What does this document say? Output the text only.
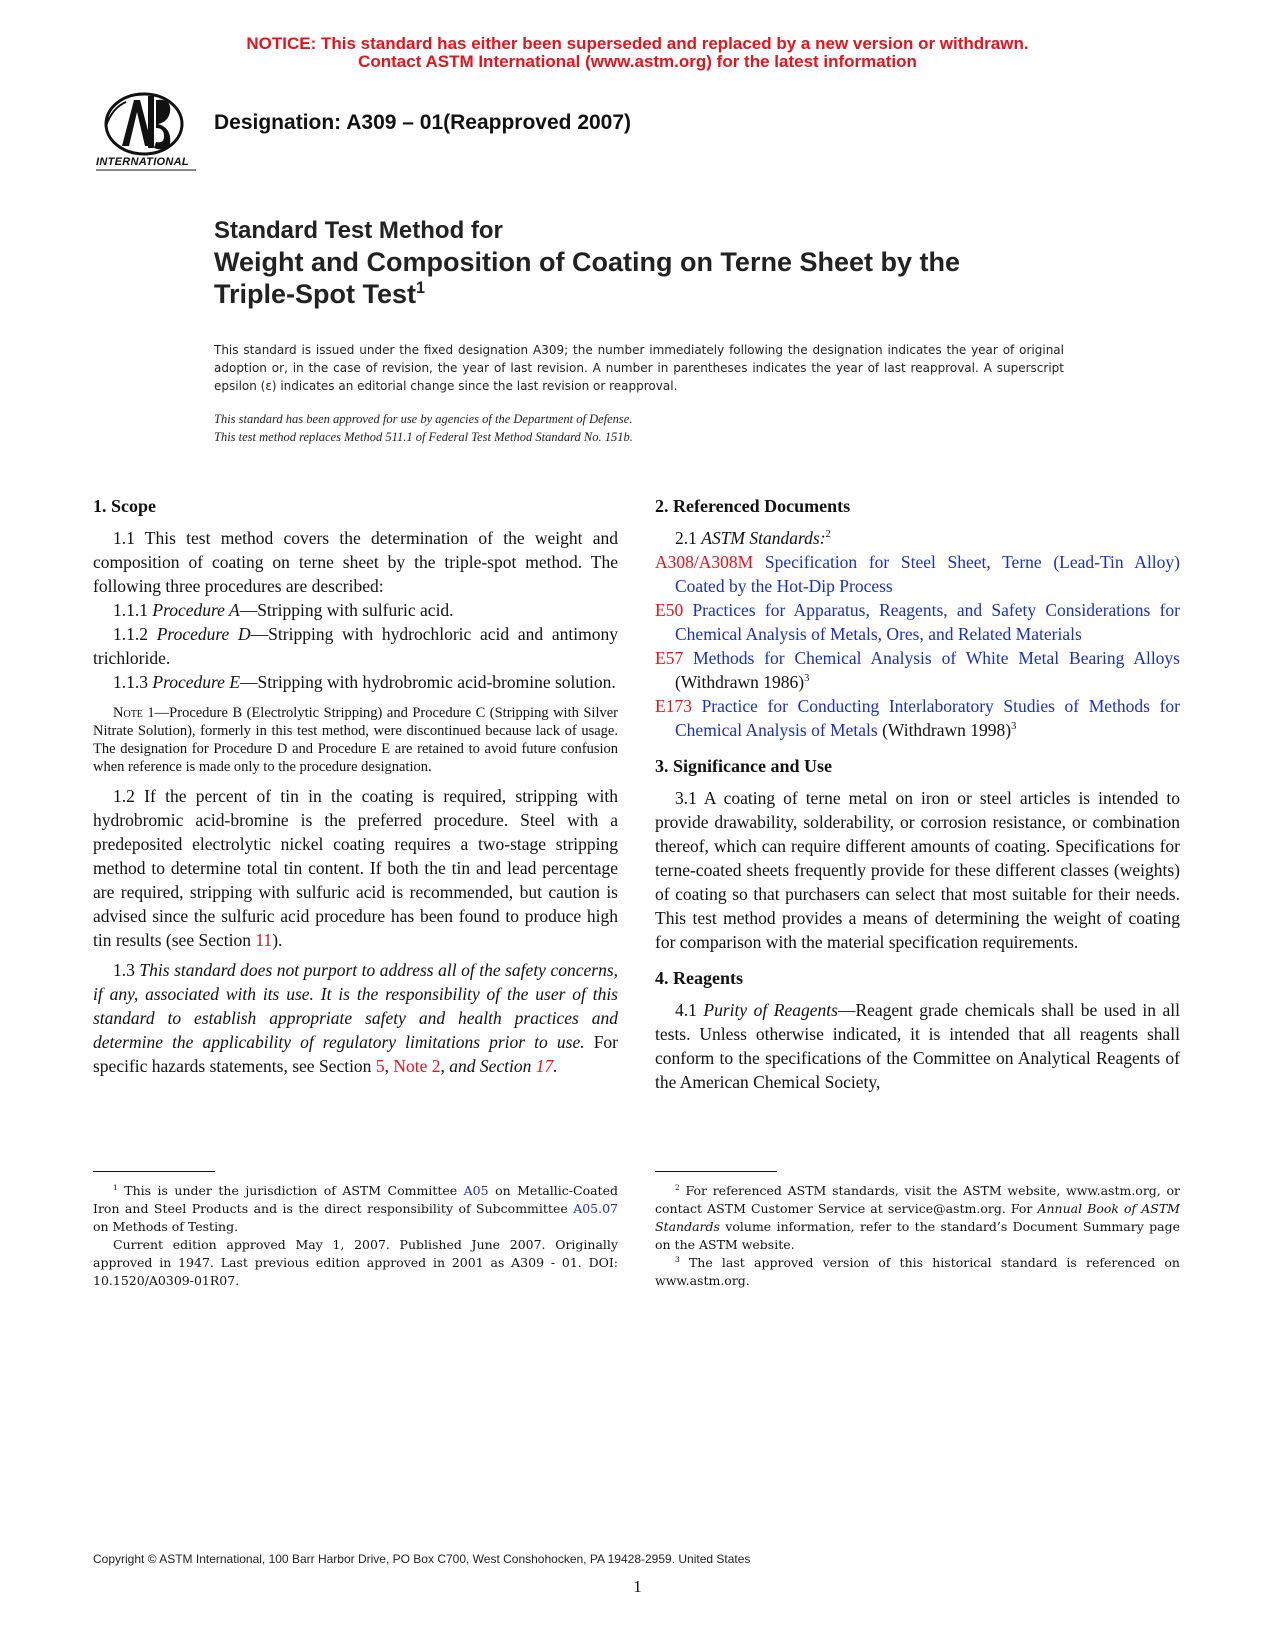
NOTICE: This standard has either been superseded and replaced by a new version or withdrawn.
Contact ASTM International (www.astm.org) for the latest information
INTERNATIONAL
Designation: A309 – 01(Reapproved 2007)
Standard Test Method for
Weight and Composition of Coating on Terne Sheet by the
Triple-Spot Test$^1$
This standard is issued under the fixed designation A309; the number immediately following the designation indicates the year of original adoption or, in the case of revision, the year of last revision. A number in parentheses indicates the year of last reapproval. A superscript epsilon (ε) indicates an editorial change since the last revision or reapproval.
This standard has been approved for use by agencies of the Department of Defense.
This test method replaces Method 511.1 of Federal Test Method Standard No. 151b.
1. Scope

1.1 This test method covers the determination of the weight and composition of coating on terne sheet by the triple-spot method. The following three procedures are described:

1.1.1 Procedure A—Stripping with sulfuric acid.

1.1.2 Procedure D—Stripping with hydrochloric acid and antimony trichloride.

1.1.3 Procedure E—Stripping with hydrobromic acid-bromine solution.

Note 1—Procedure B (Electrolytic Stripping) and Procedure C (Stripping with Silver Nitrate Solution), formerly in this test method, were discontinued because lack of usage. The designation for Procedure D and Procedure E are retained to avoid future confusion when reference is made only to the procedure designation.

1.2 If the percent of tin in the coating is required, stripping with hydrobromic acid-bromine is the preferred procedure. Steel with a predeposited electrolytic nickel coating requires a two-stage stripping method to determine total tin content. If both the tin and lead percentage are required, stripping with sulfuric acid is recommended, but caution is advised since the sulfuric acid procedure has been found to produce high tin results (see Section 11).

1.3 This standard does not purport to address all of the safety concerns, if any, associated with its use. It is the responsibility of the user of this standard to establish appropriate safety and health practices and determine the applicability of regulatory limitations prior to use. For specific hazards statements, see Section 5, Note 2, and Section 17.

$^1$ This is under the jurisdiction of ASTM Committee A05 on Metallic-Coated Iron and Steel Products and is the direct responsibility of Subcommittee A05.07 on Methods of Testing.

Current edition approved May 1, 2007. Published June 2007. Originally approved in 1947. Last previous edition approved in 2001 as A309 - 01. DOI: 10.1520/A0309-01R07.

2. Referenced Documents

2.1 ASTM Standards:$^2$

A308/A308M Specification for Steel Sheet, Terne (Lead-Tin Alloy) Coated by the Hot-Dip Process

E50 Practices for Apparatus, Reagents, and Safety Considerations for Chemical Analysis of Metals, Ores, and Related Materials

E57 Methods for Chemical Analysis of White Metal Bearing Alloys (Withdrawn 1986)$^3$

E173 Practice for Conducting Interlaboratory Studies of Methods for Chemical Analysis of Metals (Withdrawn 1998)$^3$

3. Significance and Use

3.1 A coating of terne metal on iron or steel articles is intended to provide drawability, solderability, or corrosion resistance, or combination thereof, which can require different amounts of coating. Specifications for terne-coated sheets frequently provide for these different classes (weights) of coating so that purchasers can select that most suitable for their needs. This test method provides a means of determining the weight of coating for comparison with the material specification requirements.

4. Reagents

4.1 Purity of Reagents—Reagent grade chemicals shall be used in all tests. Unless otherwise indicated, it is intended that all reagents shall conform to the specifications of the Committee on Analytical Reagents of the American Chemical Society,

$^2$ For referenced ASTM standards, visit the ASTM website, www.astm.org, or contact ASTM Customer Service at service@astm.org. For Annual Book of ASTM Standards volume information, refer to the standard’s Document Summary page on the ASTM website.

$^3$ The last approved version of this historical standard is referenced on www.astm.org.

Copyright © ASTM International, 100 Barr Harbor Drive, PO Box C700, West Conshohocken, PA 19428-2959. United States
1
